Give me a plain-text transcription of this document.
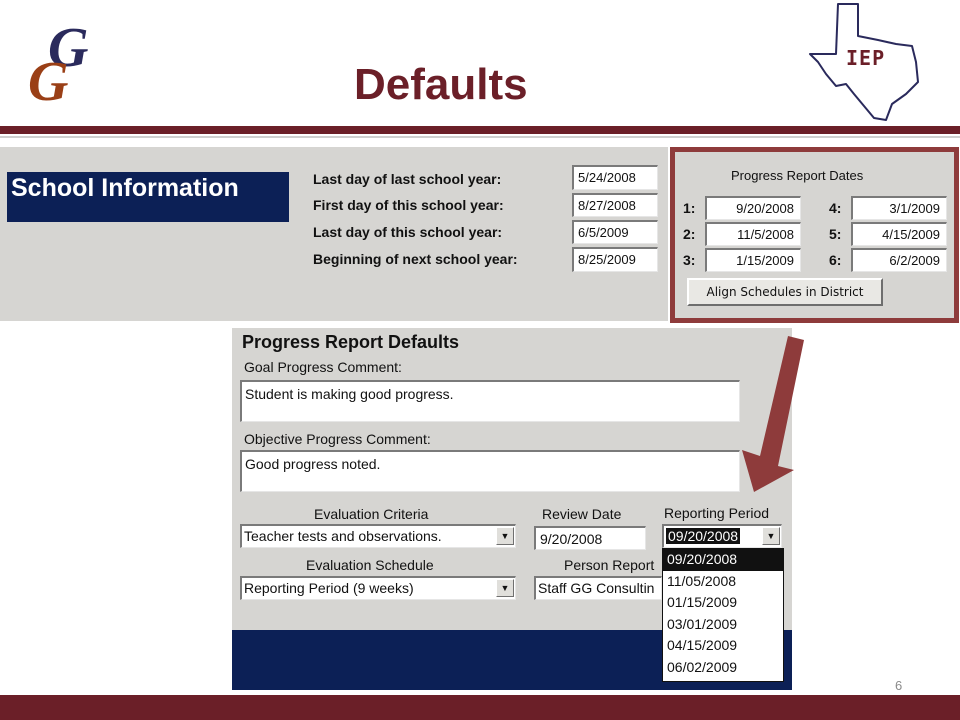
G
G	Defaults
IEP
School Information	Last day of last school year:	5/24/2008
First day of this school year:	8/27/2008
Last day of this school year:	6/5/2009
Beginning of next school year:	8/25/2009
Progress Report Dates
1:	9/20/2008
2:	11/5/2008
3:	1/15/2009
4:	3/1/2009
5:	4/15/2009
6:	6/2/2009
Align Schedules in District
Progress Report Defaults
Goal Progress Comment:
Student is making good progress.
Objective Progress Comment:
Good progress noted.
Evaluation Criteria
Teacher tests and observations.	▼
Review Date
9/20/2008
Reporting Period
09/20/2008	▼
Evaluation Schedule
Reporting Period (9 weeks)	▼
Person Report
Staff GG Consultin
09/20/2008
11/05/2008
01/15/2009
03/01/2009
04/15/2009
06/02/2009
6
